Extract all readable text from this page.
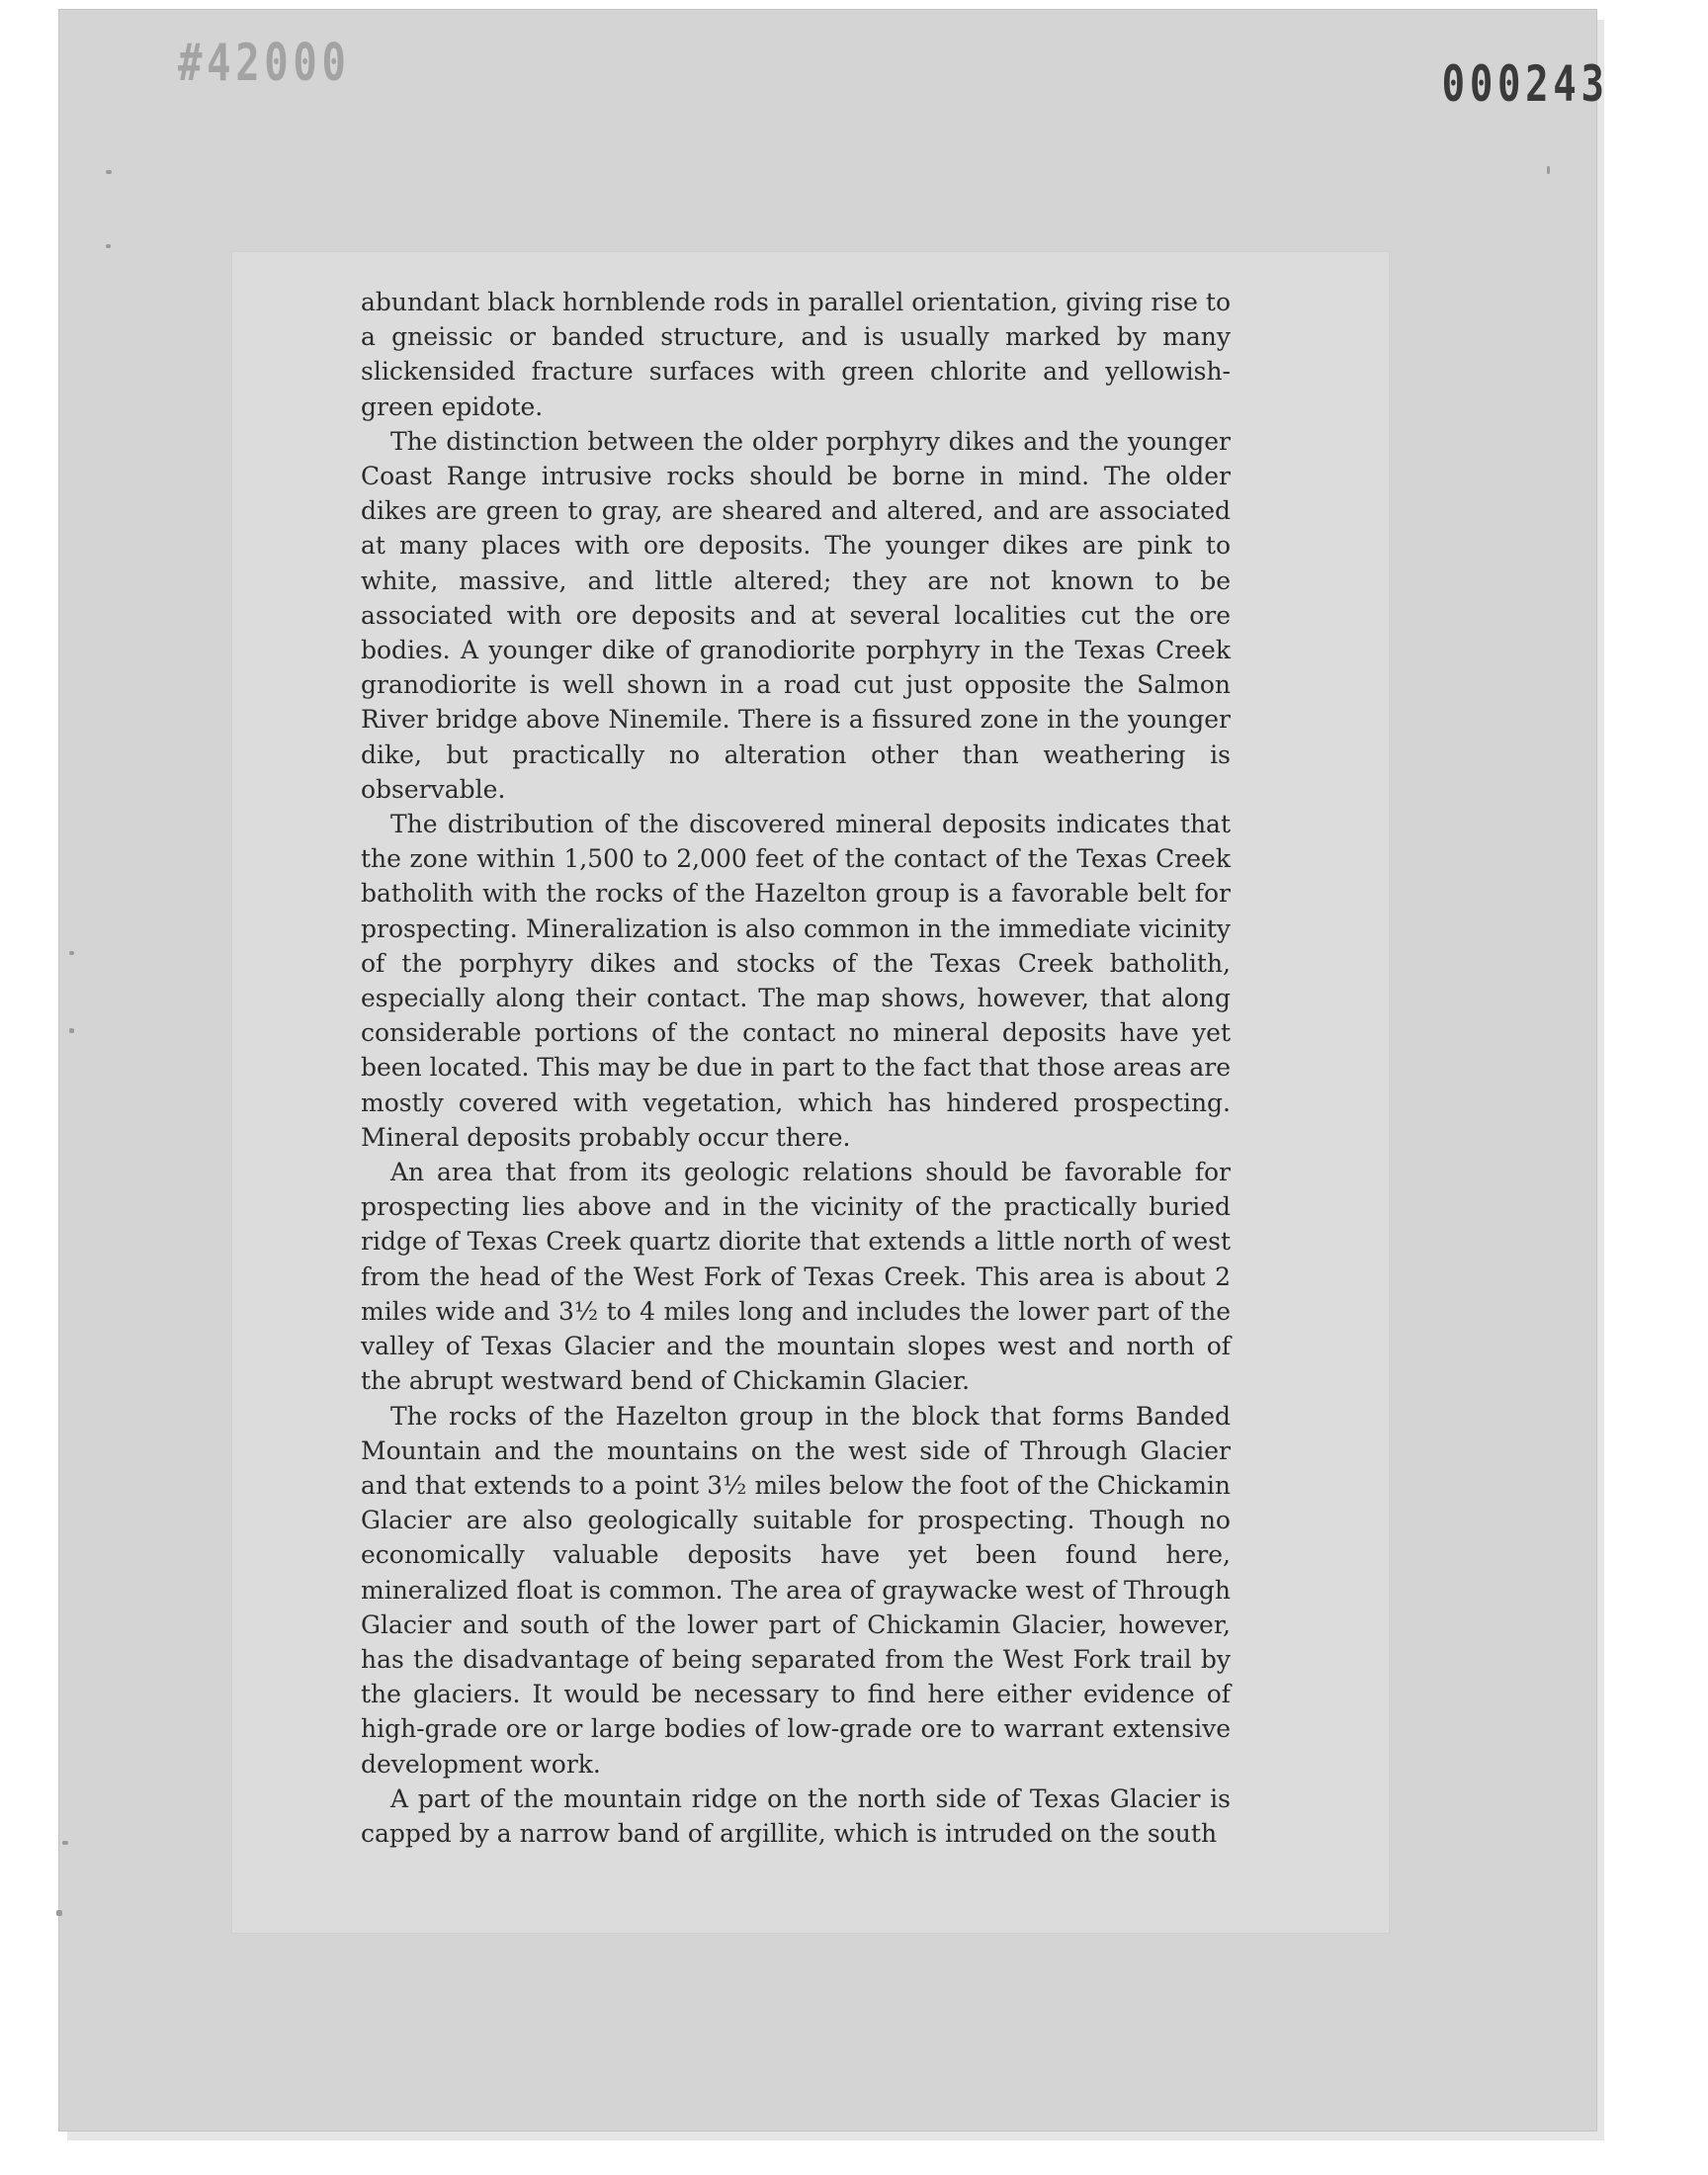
#42000	000243

abundant black hornblende rods in parallel orientation, giving rise to a gneissic or banded structure, and is usually marked by many slickensided fracture surfaces with green chlorite and yellowish-green epidote.

The distinction between the older porphyry dikes and the younger Coast Range intrusive rocks should be borne in mind. The older dikes are green to gray, are sheared and altered, and are associated at many places with ore deposits. The younger dikes are pink to white, massive, and little altered; they are not known to be associated with ore deposits and at several localities cut the ore bodies. A younger dike of granodiorite porphyry in the Texas Creek granodiorite is well shown in a road cut just opposite the Salmon River bridge above Ninemile. There is a fissured zone in the younger dike, but practically no alteration other than weathering is observable.

The distribution of the discovered mineral deposits indicates that the zone within 1,500 to 2,000 feet of the contact of the Texas Creek batholith with the rocks of the Hazelton group is a favorable belt for prospecting. Mineralization is also common in the immediate vicinity of the porphyry dikes and stocks of the Texas Creek batholith, especially along their contact. The map shows, however, that along considerable portions of the contact no mineral deposits have yet been located. This may be due in part to the fact that those areas are mostly covered with vegetation, which has hindered prospecting. Mineral deposits probably occur there.

An area that from its geologic relations should be favorable for prospecting lies above and in the vicinity of the practically buried ridge of Texas Creek quartz diorite that extends a little north of west from the head of the West Fork of Texas Creek. This area is about 2 miles wide and 3½ to 4 miles long and includes the lower part of the valley of Texas Glacier and the mountain slopes west and north of the abrupt westward bend of Chickamin Glacier.

The rocks of the Hazelton group in the block that forms Banded Mountain and the mountains on the west side of Through Glacier and that extends to a point 3½ miles below the foot of the Chickamin Glacier are also geologically suitable for prospecting. Though no economically valuable deposits have yet been found here, mineralized float is common. The area of graywacke west of Through Glacier and south of the lower part of Chickamin Glacier, however, has the disadvantage of being separated from the West Fork trail by the glaciers. It would be necessary to find here either evidence of high-grade ore or large bodies of low-grade ore to warrant extensive development work.

A part of the mountain ridge on the north side of Texas Glacier is capped by a narrow band of argillite, which is intruded on the south
